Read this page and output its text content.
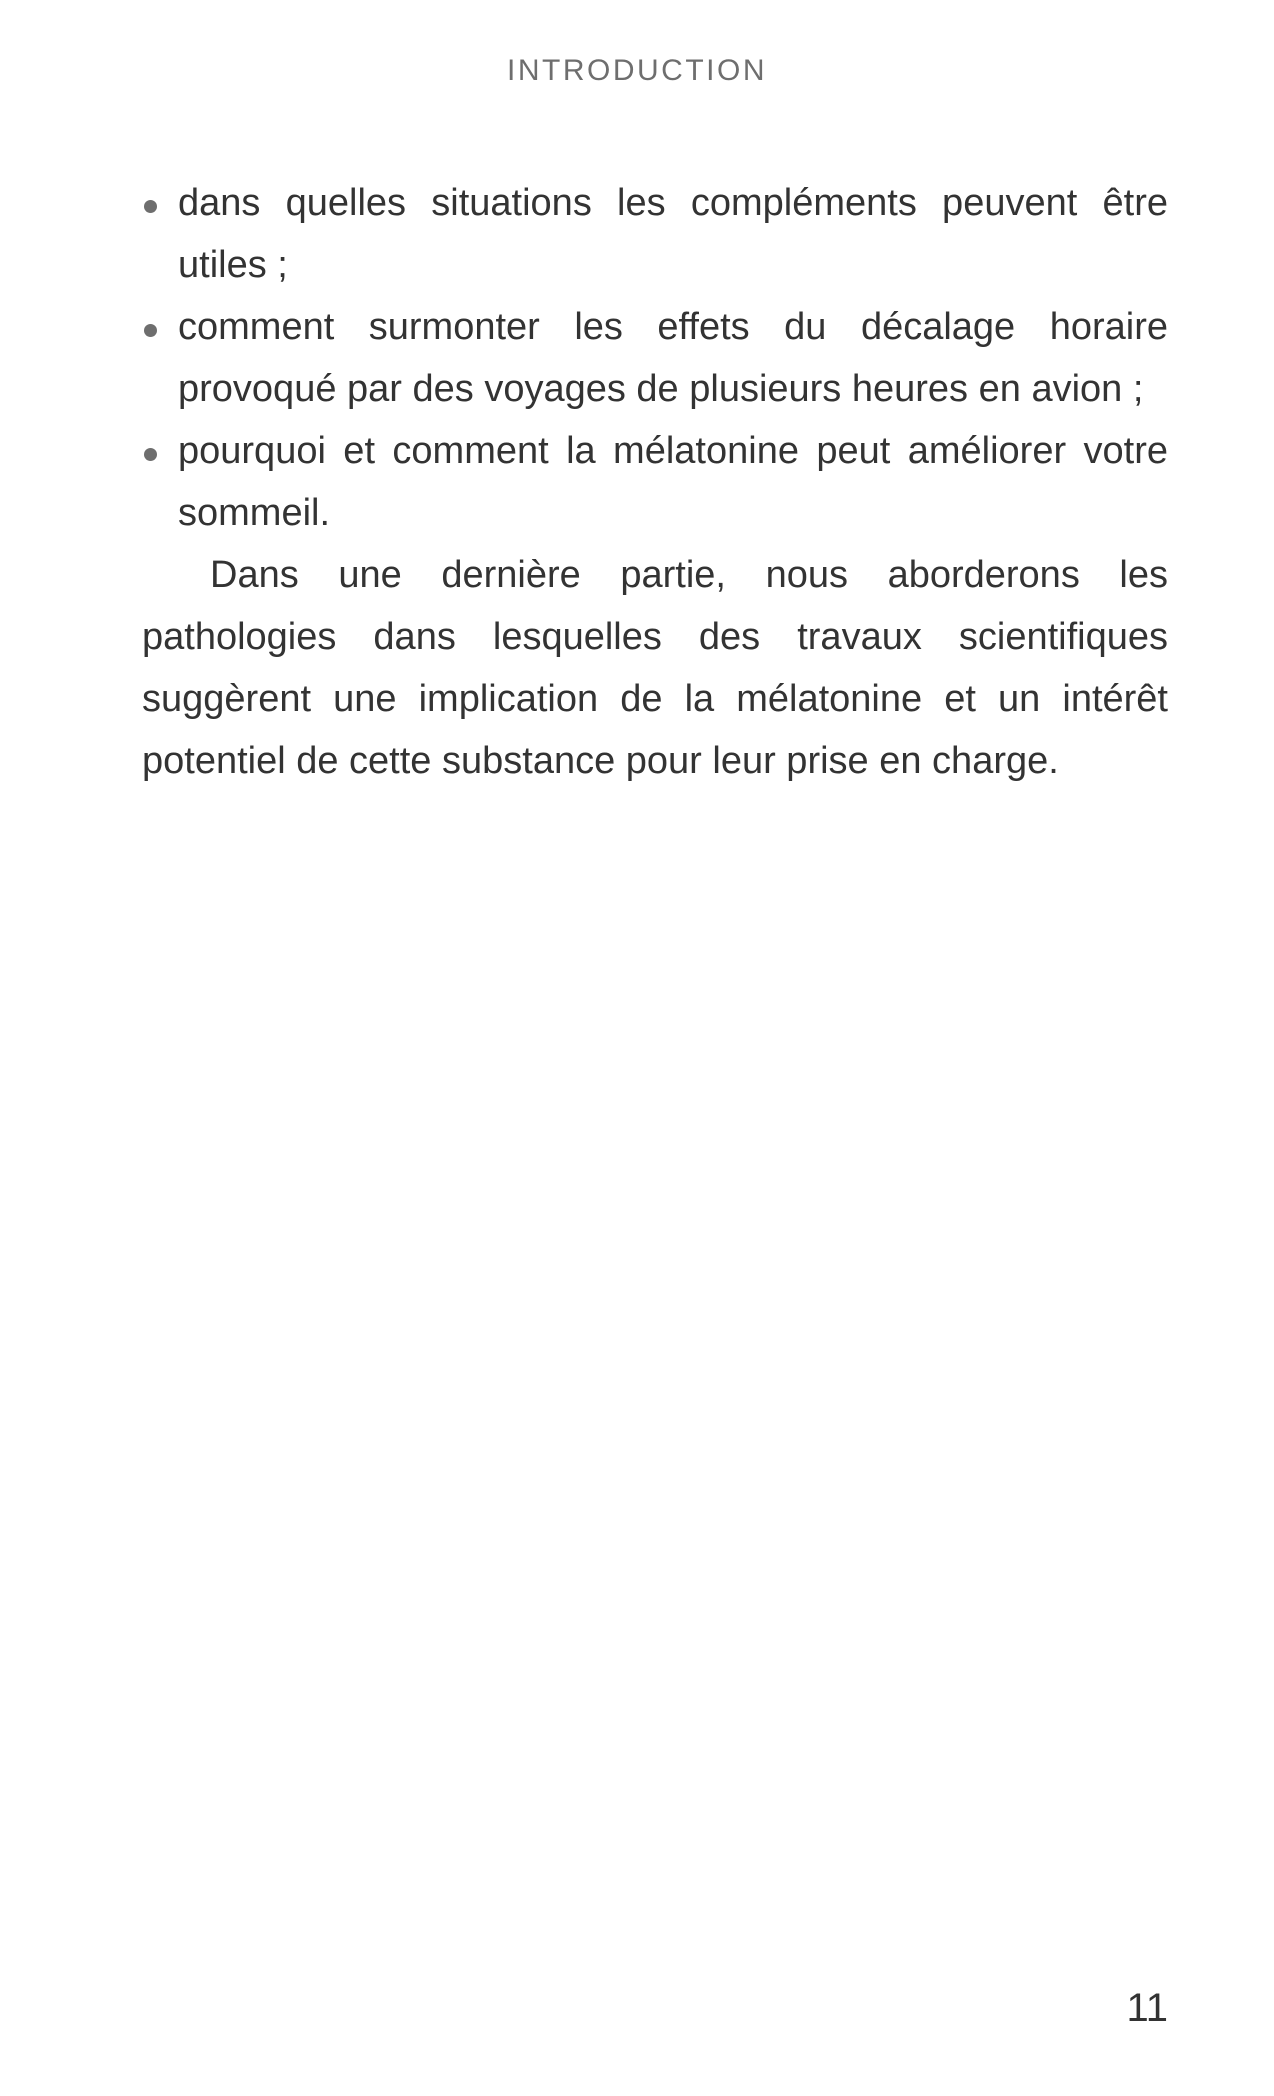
INTRODUCTION
dans quelles situations les compléments peuvent être utiles ;
comment surmonter les effets du décalage horaire provoqué par des voyages de plusieurs heures en avion ;
pourquoi et comment la mélatonine peut améliorer votre sommeil.

Dans une dernière partie, nous aborderons les pathologies dans lesquelles des travaux scientifiques suggèrent une implication de la mélatonine et un intérêt potentiel de cette substance pour leur prise en charge.

11
